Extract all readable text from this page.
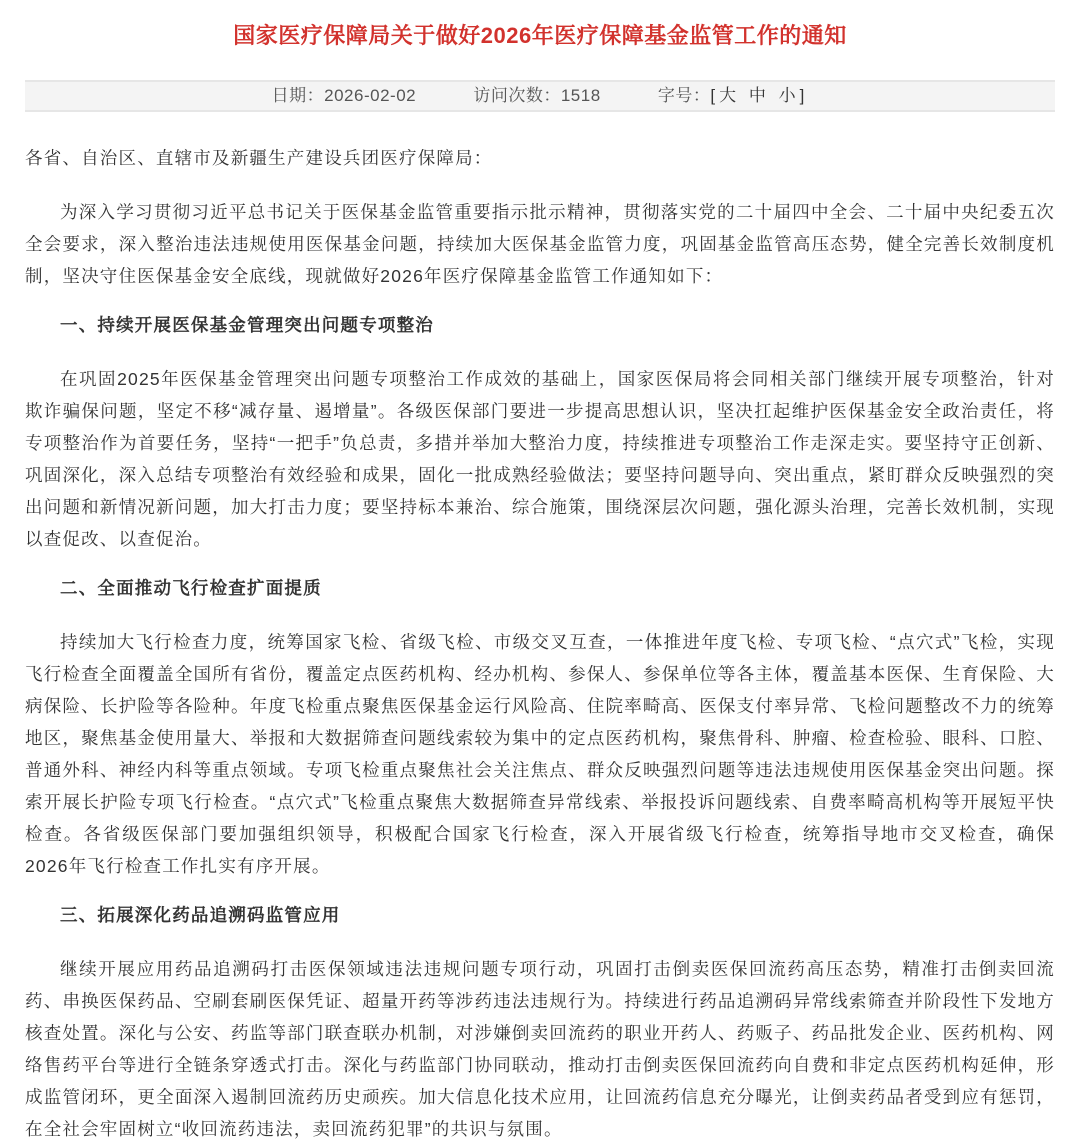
国家医疗保障局关于做好2026年医疗保障基金监管工作的通知
日期：2026-02-02	访问次数：1518	字号：[大 中 小]

各省、自治区、直辖市及新疆生产建设兵团医疗保障局：

为深入学习贯彻习近平总书记关于医保基金监管重要指示批示精神，贯彻落实党的二十届四中全会、二十届中央纪委五次全会要求，深入整治违法违规使用医保基金问题，持续加大医保基金监管力度，巩固基金监管高压态势，健全完善长效制度机制，坚决守住医保基金安全底线，现就做好2026年医疗保障基金监管工作通知如下：

一、持续开展医保基金管理突出问题专项整治

在巩固2025年医保基金管理突出问题专项整治工作成效的基础上，国家医保局将会同相关部门继续开展专项整治，针对欺诈骗保问题，坚定不移“减存量、遏增量”。各级医保部门要进一步提高思想认识，坚决扛起维护医保基金安全政治责任，将专项整治作为首要任务，坚持“一把手”负总责，多措并举加大整治力度，持续推进专项整治工作走深走实。要坚持守正创新、巩固深化，深入总结专项整治有效经验和成果，固化一批成熟经验做法；要坚持问题导向、突出重点，紧盯群众反映强烈的突出问题和新情况新问题，加大打击力度；要坚持标本兼治、综合施策，围绕深层次问题，强化源头治理，完善长效机制，实现以查促改、以查促治。

二、全面推动飞行检查扩面提质

持续加大飞行检查力度，统筹国家飞检、省级飞检、市级交叉互查，一体推进年度飞检、专项飞检、“点穴式”飞检，实现飞行检查全面覆盖全国所有省份，覆盖定点医药机构、经办机构、参保人、参保单位等各主体，覆盖基本医保、生育保险、大病保险、长护险等各险种。年度飞检重点聚焦医保基金运行风险高、住院率畸高、医保支付率异常、飞检问题整改不力的统筹地区，聚焦基金使用量大、举报和大数据筛查问题线索较为集中的定点医药机构，聚焦骨科、肿瘤、检查检验、眼科、口腔、普通外科、神经内科等重点领域。专项飞检重点聚焦社会关注焦点、群众反映强烈问题等违法违规使用医保基金突出问题。探索开展长护险专项飞行检查。“点穴式”飞检重点聚焦大数据筛查异常线索、举报投诉问题线索、自费率畸高机构等开展短平快检查。各省级医保部门要加强组织领导，积极配合国家飞行检查，深入开展省级飞行检查，统筹指导地市交叉检查，确保2026年飞行检查工作扎实有序开展。

三、拓展深化药品追溯码监管应用

继续开展应用药品追溯码打击医保领域违法违规问题专项行动，巩固打击倒卖医保回流药高压态势，精准打击倒卖回流药、串换医保药品、空刷套刷医保凭证、超量开药等涉药违法违规行为。持续进行药品追溯码异常线索筛查并阶段性下发地方核查处置。深化与公安、药监等部门联查联办机制，对涉嫌倒卖回流药的职业开药人、药贩子、药品批发企业、医药机构、网络售药平台等进行全链条穿透式打击。深化与药监部门协同联动，推动打击倒卖医保回流药向自费和非定点医药机构延伸，形成监管闭环，更全面深入遏制回流药历史顽疾。加大信息化技术应用，让回流药信息充分曝光，让倒卖药品者受到应有惩罚，在全社会牢固树立“收回流药违法，卖回流药犯罪”的共识与氛围。
